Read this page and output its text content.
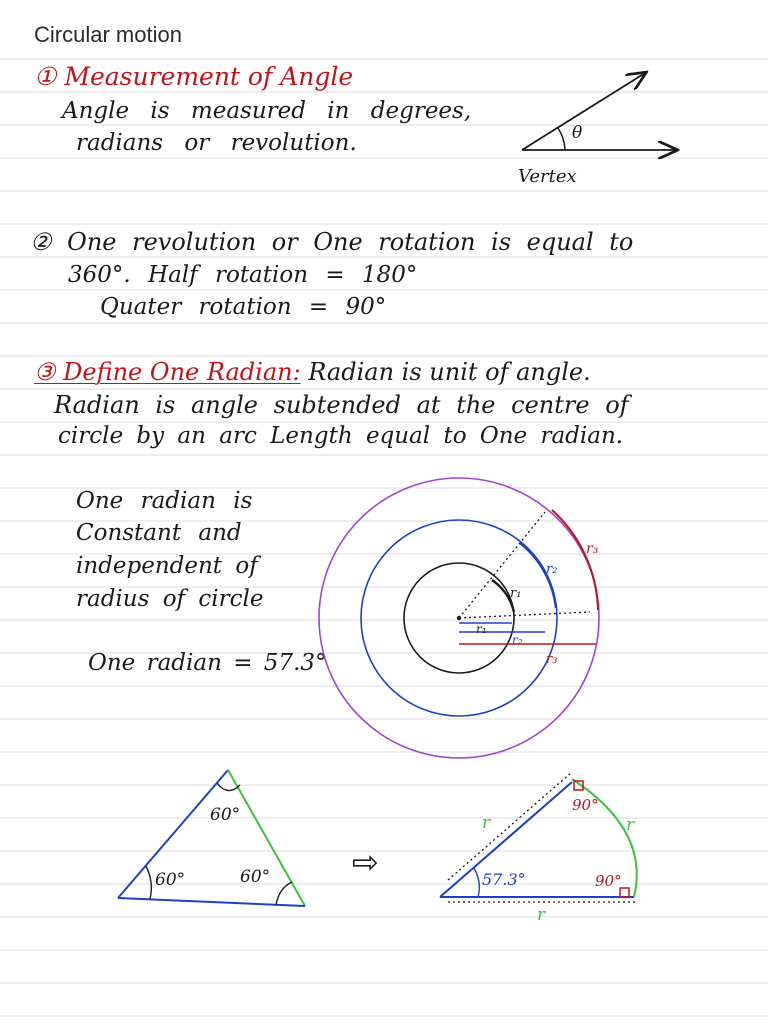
Circular motion

① Measurement of Angle

Angle is measured in degrees,

radians or revolution.

② One revolution or One rotation is equal to

360°. Half rotation = 180°

Quater rotation = 90°

③ Define One Radian: Radian is unit of angle.

Radian is angle subtended at the centre of

circle by an arc Length equal to One radian.

One radian is

Constant and

independent of

radius of circle

One radian = 57.3°

θ
Vertex
r₁
r₁
r₂
r₂
r₃
r₃
60°
60°	60°	⇨	57.3°
90°
90°
r	r
r
